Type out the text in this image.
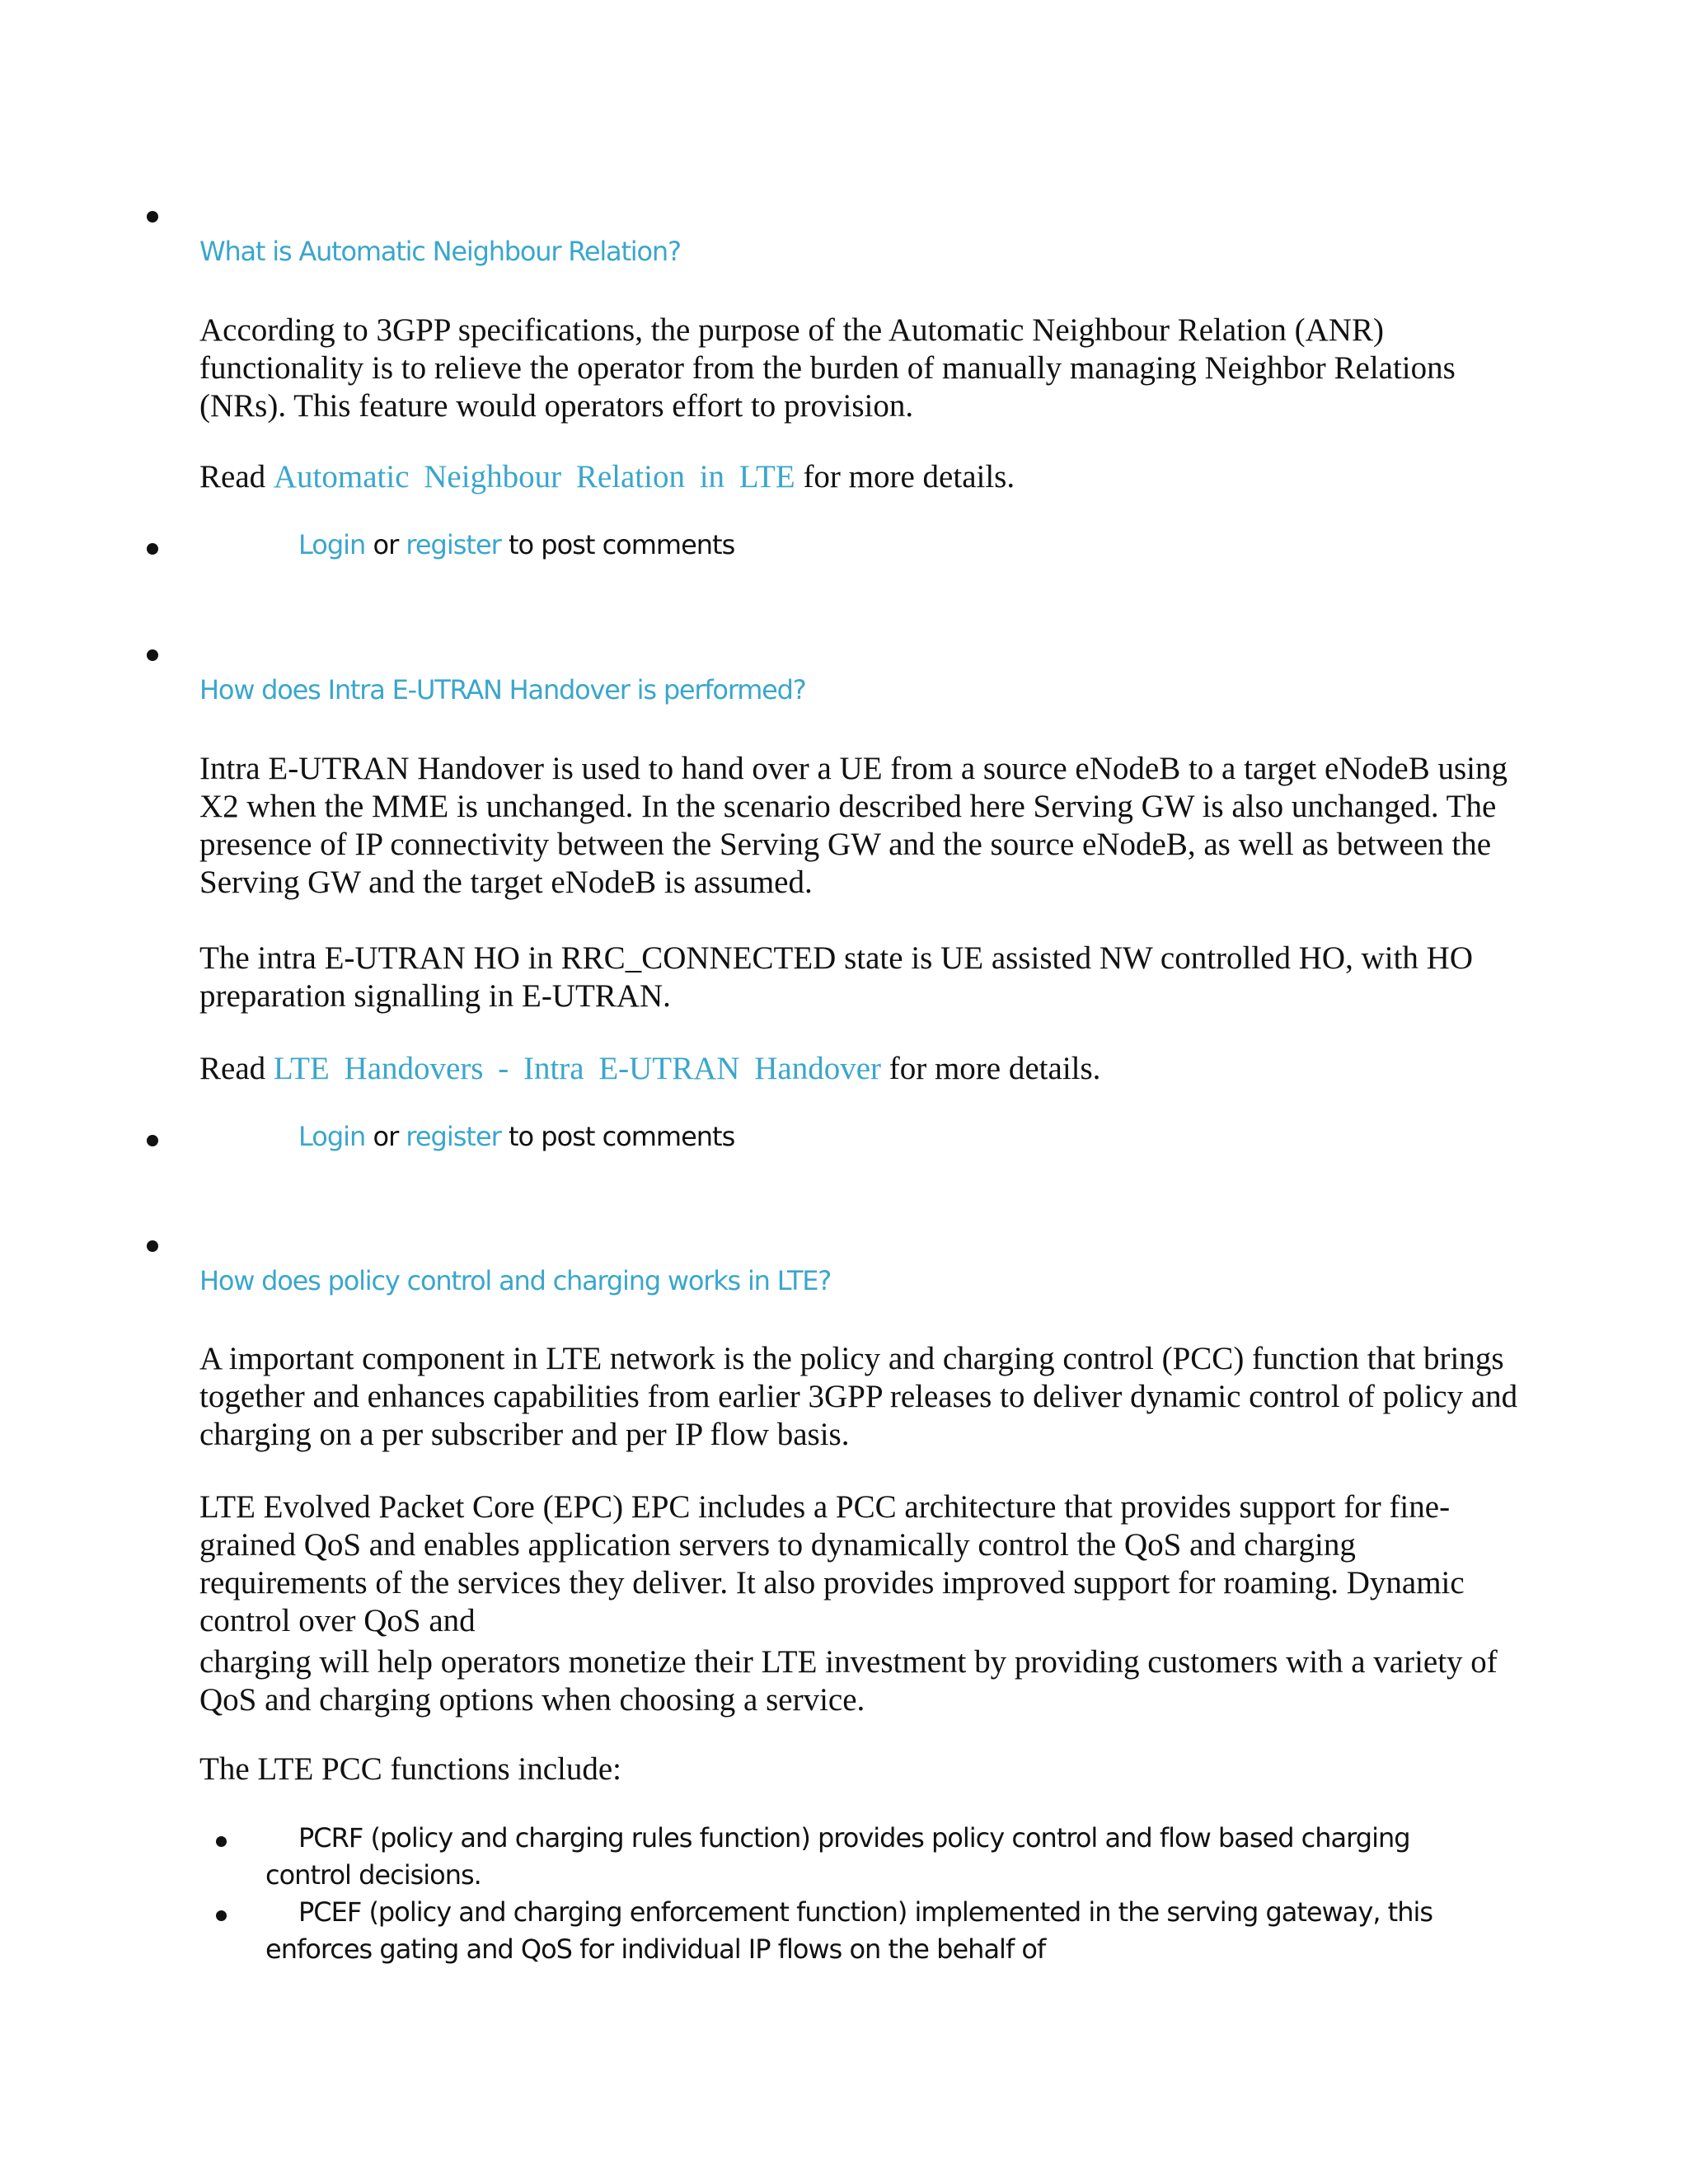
What is Automatic Neighbour Relation?

According to 3GPP specifications, the purpose of the Automatic Neighbour Relation (ANR) functionality is to relieve the operator from the burden of manually managing Neighbor Relations (NRs). This feature would operators effort to provision.

Read Automatic Neighbour Relation in LTE for more details.

Login or register to post comments
How does Intra E-UTRAN Handover is performed?

Intra E-UTRAN Handover is used to hand over a UE from a source eNodeB to a target eNodeB using X2 when the MME is unchanged. In the scenario described here Serving GW is also unchanged. The presence of IP connectivity between the Serving GW and the source eNodeB, as well as between the Serving GW and the target eNodeB is assumed.

The intra E-UTRAN HO in RRC_CONNECTED state is UE assisted NW controlled HO, with HO preparation signalling in E-UTRAN.

Read LTE Handovers - Intra E-UTRAN Handover for more details.

Login or register to post comments
How does policy control and charging works in LTE?

A important component in LTE network is the policy and charging control (PCC) function that brings together and enhances capabilities from earlier 3GPP releases to deliver dynamic control of policy and charging on a per subscriber and per IP flow basis.

LTE Evolved Packet Core (EPC) EPC includes a PCC architecture that provides support for fine-grained QoS and enables application servers to dynamically control the QoS and charging requirements of the services they deliver. It also provides improved support for roaming. Dynamic control over QoS and

charging will help operators monetize their LTE investment by providing customers with a variety of QoS and charging options when choosing a service.

The LTE PCC functions include:

PCRF (policy and charging rules function) provides policy control and flow based charging control decisions.

PCEF (policy and charging enforcement function) implemented in the serving gateway, this enforces gating and QoS for individual IP flows on the behalf of
